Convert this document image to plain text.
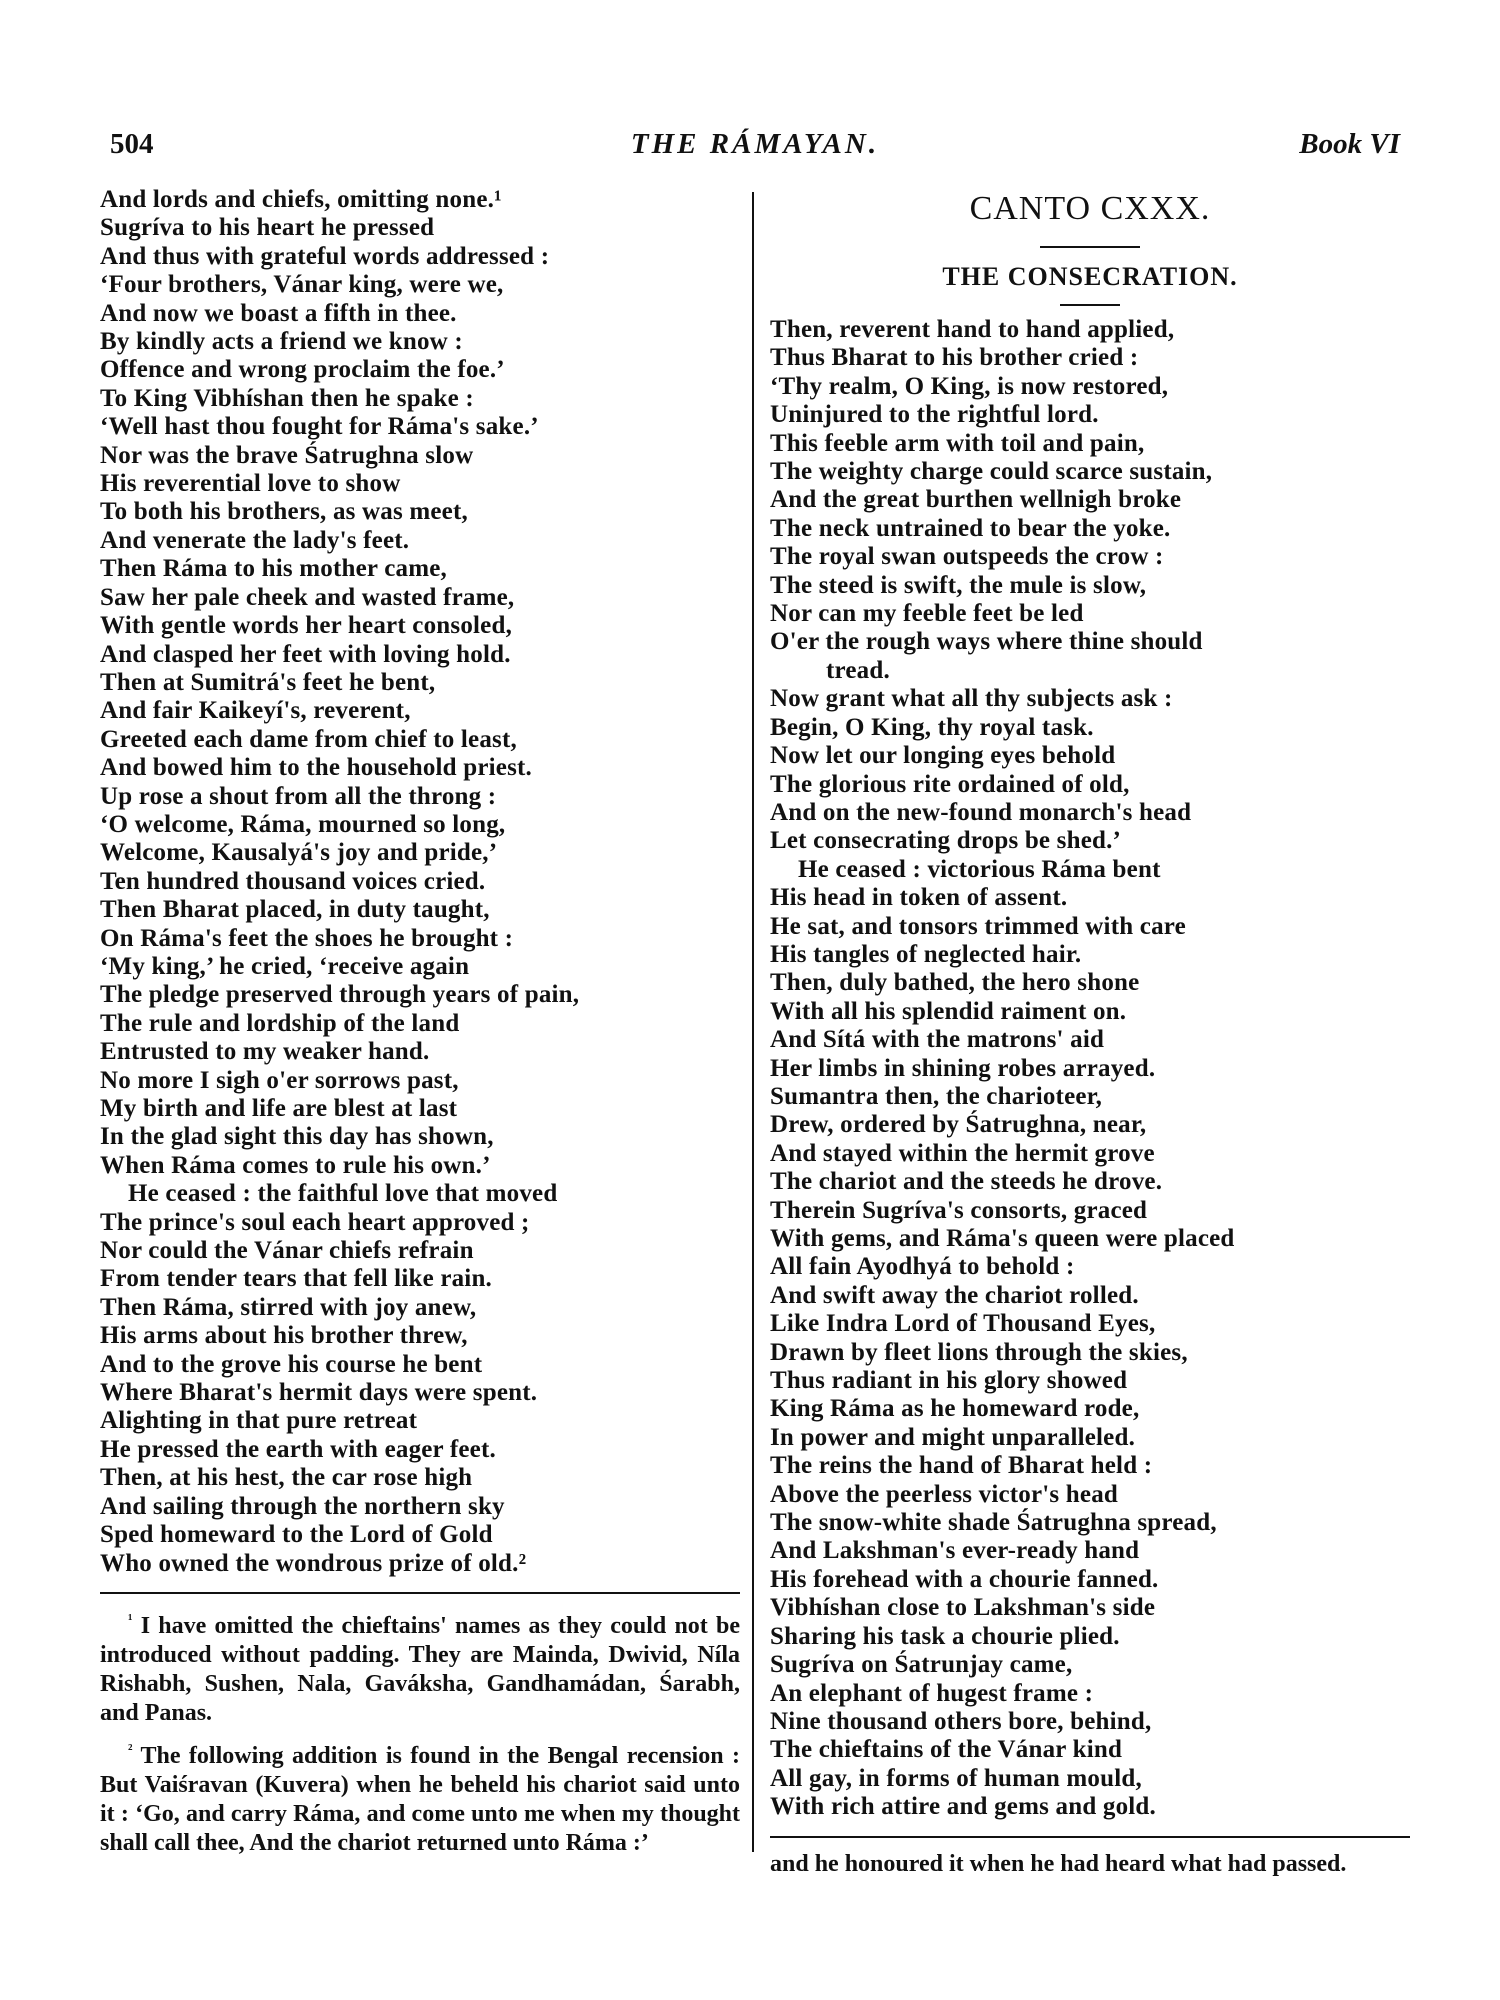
504	THE RÁMAYAN.	Book VI
And lords and chiefs, omitting none.¹
Sugríva to his heart he pressed
And thus with grateful words addressed :
‘Four brothers, Vánar king, were we,
And now we boast a fifth in thee.
By kindly acts a friend we know :
Offence and wrong proclaim the foe.’
To King Vibhíshan then he spake :
‘Well hast thou fought for Ráma's sake.’
Nor was the brave Śatrughna slow
His reverential love to show
To both his brothers, as was meet,
And venerate the lady's feet.
Then Ráma to his mother came,
Saw her pale cheek and wasted frame,
With gentle words her heart consoled,
And clasped her feet with loving hold.
Then at Sumitrá's feet he bent,
And fair Kaikeyí's, reverent,
Greeted each dame from chief to least,
And bowed him to the household priest.
Up rose a shout from all the throng :
‘O welcome, Ráma, mourned so long,
Welcome, Kausalyá's joy and pride,’
Ten hundred thousand voices cried.
Then Bharat placed, in duty taught,
On Ráma's feet the shoes he brought :
‘My king,’ he cried, ‘receive again
The pledge preserved through years of pain,
The rule and lordship of the land
Entrusted to my weaker hand.
No more I sigh o'er sorrows past,
My birth and life are blest at last
In the glad sight this day has shown,
When Ráma comes to rule his own.’
He ceased : the faithful love that moved
The prince's soul each heart approved ;
Nor could the Vánar chiefs refrain
From tender tears that fell like rain.
Then Ráma, stirred with joy anew,
His arms about his brother threw,
And to the grove his course he bent
Where Bharat's hermit days were spent.
Alighting in that pure retreat
He pressed the earth with eager feet.
Then, at his hest, the car rose high
And sailing through the northern sky
Sped homeward to the Lord of Gold
Who owned the wondrous prize of old.²

$^{^1}$ I have omitted the chieftains' names as they could not be introduced without padding. They are Mainda, Dwivid, Níla Rishabh, Sushen, Nala, Gaváksha, Gandhamádan, Śarabh, and Panas.

$^{^2}$ The following addition is found in the Bengal recension : But Vaiśravan (Kuvera) when he beheld his chariot said unto it : ‘Go, and carry Ráma, and come unto me when my thought shall call thee, And the chariot returned unto Ráma :’

CANTO CXXX.
THE CONSECRATION.
Then, reverent hand to hand applied,
Thus Bharat to his brother cried :
‘Thy realm, O King, is now restored,
Uninjured to the rightful lord.
This feeble arm with toil and pain,
The weighty charge could scarce sustain,
And the great burthen wellnigh broke
The neck untrained to bear the yoke.
The royal swan outspeeds the crow :
The steed is swift, the mule is slow,
Nor can my feeble feet be led
O'er the rough ways where thine should
tread.
Now grant what all thy subjects ask :
Begin, O King, thy royal task.
Now let our longing eyes behold
The glorious rite ordained of old,
And on the new-found monarch's head
Let consecrating drops be shed.’
He ceased : victorious Ráma bent
His head in token of assent.
He sat, and tonsors trimmed with care
His tangles of neglected hair.
Then, duly bathed, the hero shone
With all his splendid raiment on.
And Sítá with the matrons' aid
Her limbs in shining robes arrayed.
Sumantra then, the charioteer,
Drew, ordered by Śatrughna, near,
And stayed within the hermit grove
The chariot and the steeds he drove.
Therein Sugríva's consorts, graced
With gems, and Ráma's queen were placed
All fain Ayodhyá to behold :
And swift away the chariot rolled.
Like Indra Lord of Thousand Eyes,
Drawn by fleet lions through the skies,
Thus radiant in his glory showed
King Ráma as he homeward rode,
In power and might unparalleled.
The reins the hand of Bharat held :
Above the peerless victor's head
The snow-white shade Śatrughna spread,
And Lakshman's ever-ready hand
His forehead with a chourie fanned.
Vibhíshan close to Lakshman's side
Sharing his task a chourie plied.
Sugríva on Śatrunjay came,
An elephant of hugest frame :
Nine thousand others bore, behind,
The chieftains of the Vánar kind
All gay, in forms of human mould,
With rich attire and gems and gold.
and he honoured it when he had heard what had passed.
